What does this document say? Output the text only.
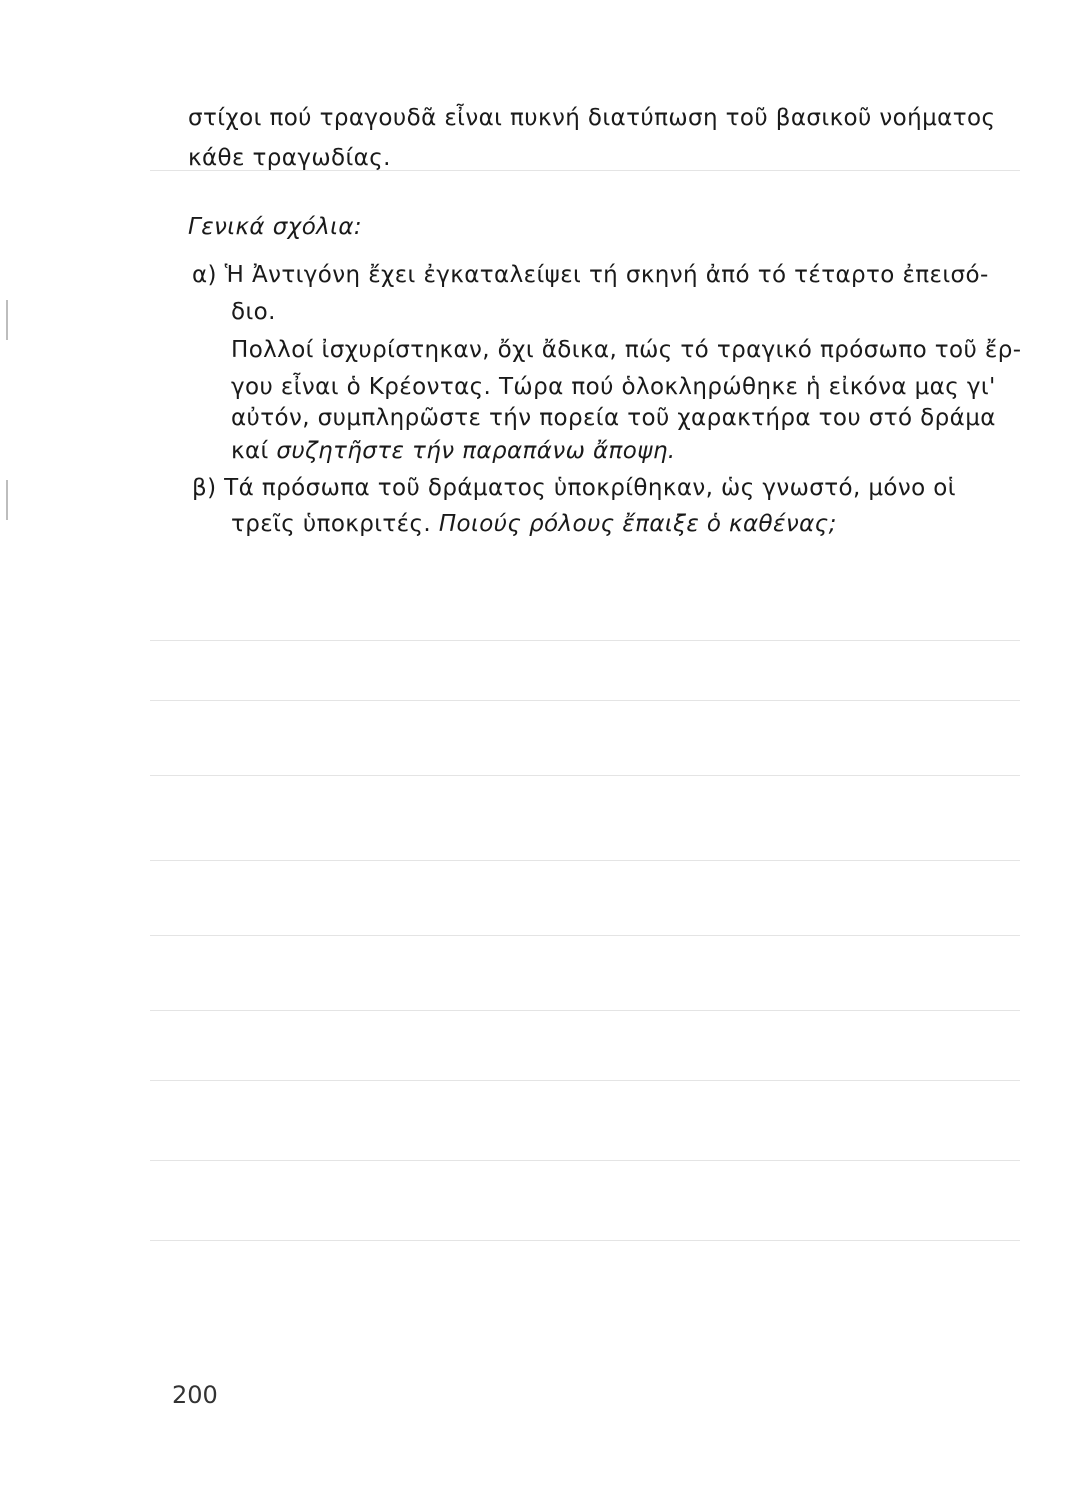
στίχοι πού τραγουδᾶ εἶναι πυκνή διατύπωση τοῦ βασικοῦ νοήματος
κάθε τραγωδίας.
Γενικά σχόλια:
α) Ἡ Ἀντιγόνη ἔχει ἐγκαταλείψει τή σκηνή ἀπό τό τέταρτο ἐπεισό-
διο.
Πολλοί ἰσχυρίστηκαν, ὄχι ἄδικα, πώς τό τραγικό πρόσωπο τοῦ ἔρ-
γου εἶναι ὁ Κρέοντας. Τώρα πού ὁλοκληρώθηκε ἡ εἰκόνα μας γι'
αὐτόν, συμπληρῶστε τήν πορεία τοῦ χαρακτήρα του στό δράμα
καί συζητῆστε τήν παραπάνω ἄποψη.
β) Τά πρόσωπα τοῦ δράματος ὑποκρίθηκαν, ὡς γνωστό, μόνο οἱ
τρεῖς ὑποκριτές. Ποιούς ρόλους ἔπαιξε ὁ καθένας;
200
